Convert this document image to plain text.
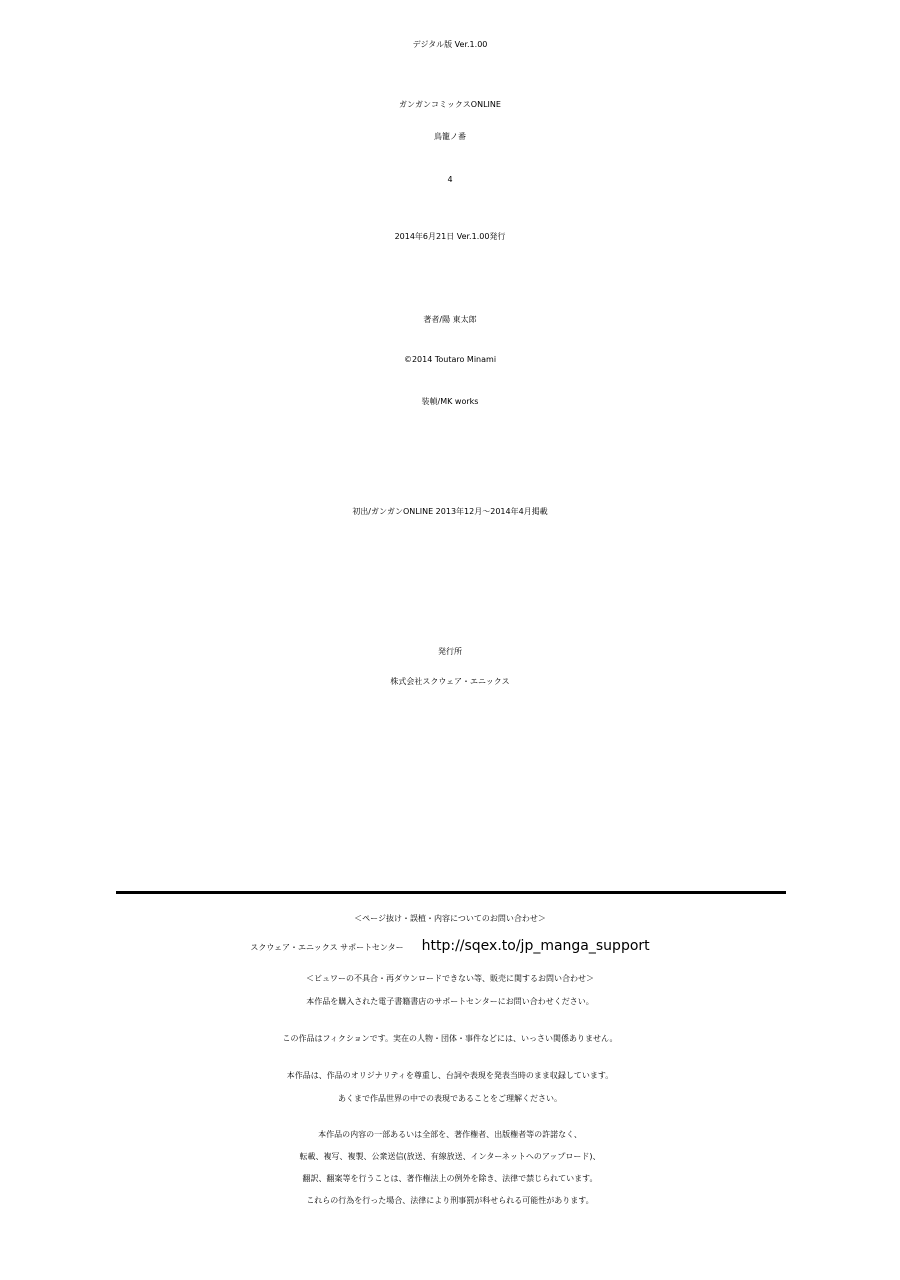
デジタル版 Ver.1.00
ガンガンコミックスONLINE
鳥籠ノ番
4
2014年6月21日 Ver.1.00発行
著者/陽 東太郎
©2014 Toutaro Minami
装幀/MK works
初出/ガンガンONLINE 2013年12月～2014年4月掲載
発行所
株式会社スクウェア・エニックス
＜ページ抜け・誤植・内容についてのお問い合わせ＞
スクウェア・エニックス サポートセンター http://sqex.to/jp_manga_support
＜ビュワーの不具合・再ダウンロードできない等、販売に関するお問い合わせ＞
本作品を購入された電子書籍書店のサポートセンターにお問い合わせください。
この作品はフィクションです。実在の人物・団体・事件などには、いっさい関係ありません。
本作品は、作品のオリジナリティを尊重し、台詞や表現を発表当時のまま収録しています。
あくまで作品世界の中での表現であることをご理解ください。
本作品の内容の一部あるいは全部を、著作権者、出版権者等の許諾なく、
転載、複写、複製、公衆送信(放送、有線放送、インターネットへのアップロード)、
翻訳、翻案等を行うことは、著作権法上の例外を除き、法律で禁じられています。
これらの行為を行った場合、法律により刑事罰が科せられる可能性があります。
